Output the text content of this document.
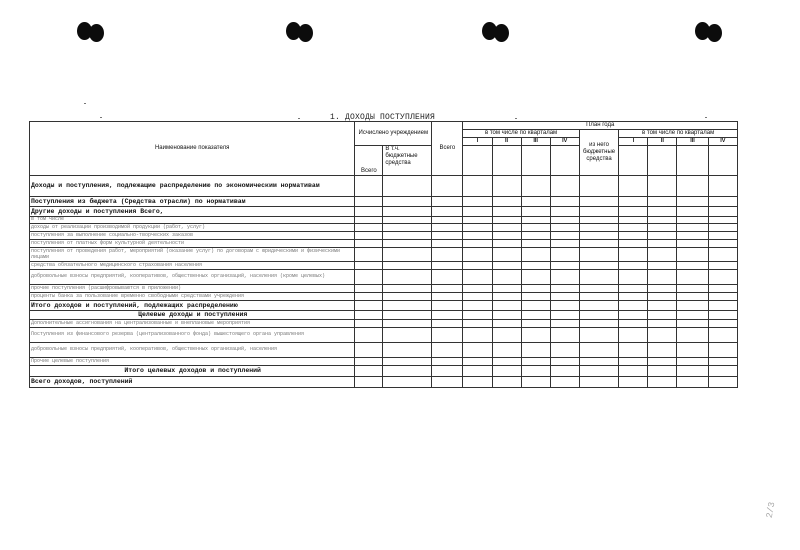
1. ДОХОДЫ ПОСТУПЛЕНИЯ
Наименование показателя	Исчислено учреждением		Всего	План года								
				в том числе по кварталам				из него бюджетные средства	в том числе по кварталам			
				I	II	III	IV		I	II	III	IV
	Всего	В т.ч. бюджетные средства										
Доходы и поступления, подлежащие распределению по экономическим нормативам												
Поступления из бюджета (Средства отрасли) по нормативам												
Другие доходы и поступления Всего,												
в том числе												
доходы от реализации производимой продукции (работ, услуг)												
поступления за выполнение социально-творческих заказов												
поступления от платных форм культурной деятельности												
поступления от проведения работ, мероприятий (оказание услуг) по договорам с юридическими и физическими лицами												
средства обязательного медицинского страхования населения												
добровольные взносы предприятий, кооперативов, общественных организаций, населения (кроме целевых)												
прочие поступления (расшифровываются в приложении)												
проценты банка за пользование временно свободными средствами учреждения												
Итого доходов и поступлений, подлежащих распределению												
Целевые доходы и поступления												
Дополнительные ассигнования на централизованные и внеплановые мероприятия												
Поступления из финансового резерва (централизованного фонда) вышестоящего органа управления												
добровольные взносы предприятий, кооперативов, общественных организаций, населения												
Прочие целевые поступления												
Итого целевых доходов и поступлений												
Всего доходов, поступлений												
2/3
